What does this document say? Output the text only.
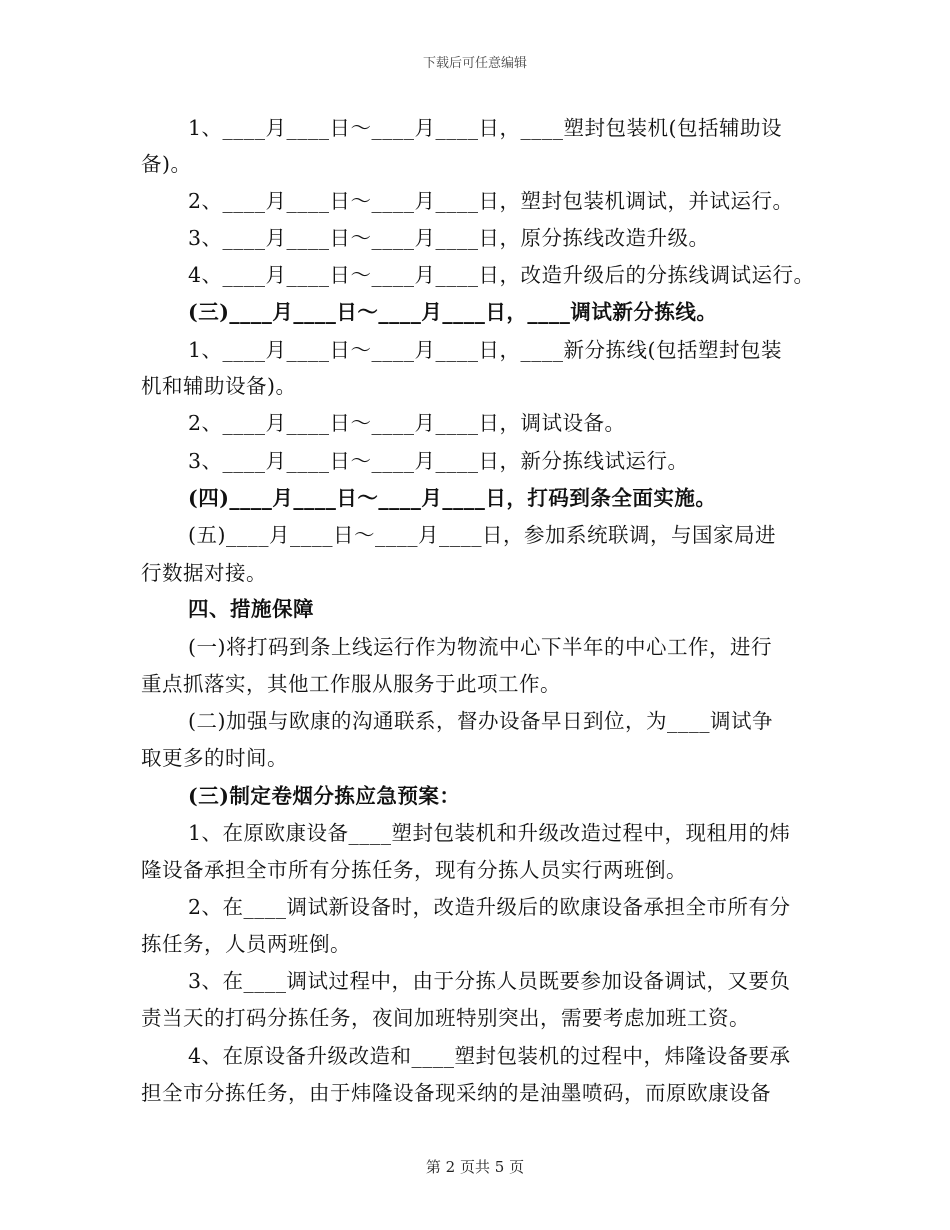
下载后可任意编辑
1、____月____日～____月____日，____塑封包装机(包括辅助设
备)。
2、____月____日～____月____日，塑封包装机调试，并试运行。
3、____月____日～____月____日，原分拣线改造升级。
4、____月____日～____月____日，改造升级后的分拣线调试运行。
(三)____月____日～____月____日，____调试新分拣线。
1、____月____日～____月____日，____新分拣线(包括塑封包装
机和辅助设备)。
2、____月____日～____月____日，调试设备。
3、____月____日～____月____日，新分拣线试运行。
(四)____月____日～____月____日，打码到条全面实施。
(五)____月____日～____月____日，参加系统联调，与国家局进
行数据对接。
四、措施保障
(一)将打码到条上线运行作为物流中心下半年的中心工作，进行
重点抓落实，其他工作服从服务于此项工作。
(二)加强与欧康的沟通联系，督办设备早日到位，为____调试争
取更多的时间。
(三)制定卷烟分拣应急预案：
1、在原欧康设备____塑封包装机和升级改造过程中，现租用的炜
隆设备承担全市所有分拣任务，现有分拣人员实行两班倒。
2、在____调试新设备时，改造升级后的欧康设备承担全市所有分
拣任务，人员两班倒。
3、在____调试过程中，由于分拣人员既要参加设备调试，又要负
责当天的打码分拣任务，夜间加班特别突出，需要考虑加班工资。
4、在原设备升级改造和____塑封包装机的过程中，炜隆设备要承
担全市分拣任务，由于炜隆设备现采纳的是油墨喷码，而原欧康设备
第 2 页共 5 页
